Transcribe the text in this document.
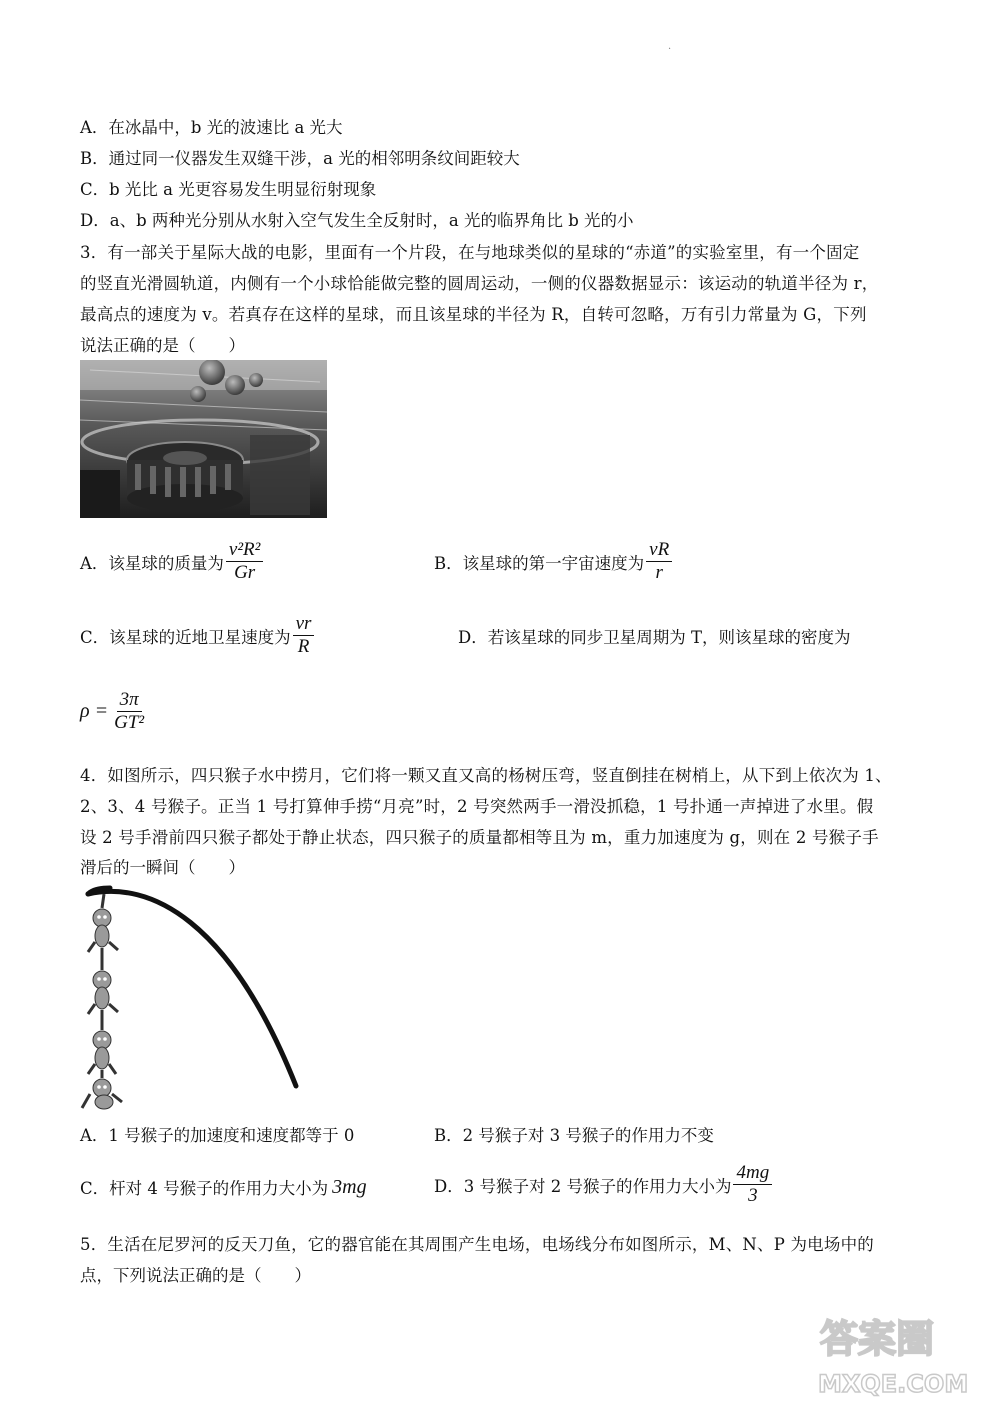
·
A．在冰晶中，b 光的波速比 a 光大
B．通过同一仪器发生双缝干涉，a 光的相邻明条纹间距较大
C．b 光比 a 光更容易发生明显衍射现象
D．a、b 两种光分别从水射入空气发生全反射时，a 光的临界角比 b 光的小
3．有一部关于星际大战的电影，里面有一个片段，在与地球类似的星球的“赤道”的实验室里，有一个固定
的竖直光滑圆轨道，内侧有一个小球恰能做完整的圆周运动，一侧的仪器数据显示：该运动的轨道半径为 r，
最高点的速度为 v。若真存在这样的星球，而且该星球的半径为 R，自转可忽略，万有引力常量为 G，下列
说法正确的是（　　）
A．该星球的质量为 $\frac{\text{v²R²}}{Gr}$	B．该星球的第一宇宙速度为 $\frac{vR}{r}$
C．该星球的近地卫星速度为 $\frac{vr}{R}$	D．若该星球的同步卫星周期为 T，则该星球的密度为
$\rho = \frac{3\pi}{\text{GT²}}$
4．如图所示，四只猴子水中捞月，它们将一颗又直又高的杨树压弯，竖直倒挂在树梢上，从下到上依次为 1、
2、3、4 号猴子。正当 1 号打算伸手捞“月亮”时，2 号突然两手一滑没抓稳，1 号扑通一声掉进了水里。假
设 2 号手滑前四只猴子都处于静止状态，四只猴子的质量都相等且为 m，重力加速度为 g，则在 2 号猴子手
滑后的一瞬间（　　）
A．1 号猴子的加速度和速度都等于 0	B．2 号猴子对 3 号猴子的作用力不变
C．杆对 4 号猴子的作用力大小为 3mg	D．3 号猴子对 2 号猴子的作用力大小为 $\frac{4mg}{3}$
5．生活在尼罗河的反天刀鱼，它的器官能在其周围产生电场，电场线分布如图所示，M、N、P 为电场中的
点，下列说法正确的是（　　）
答案圈
MXQE.COM
